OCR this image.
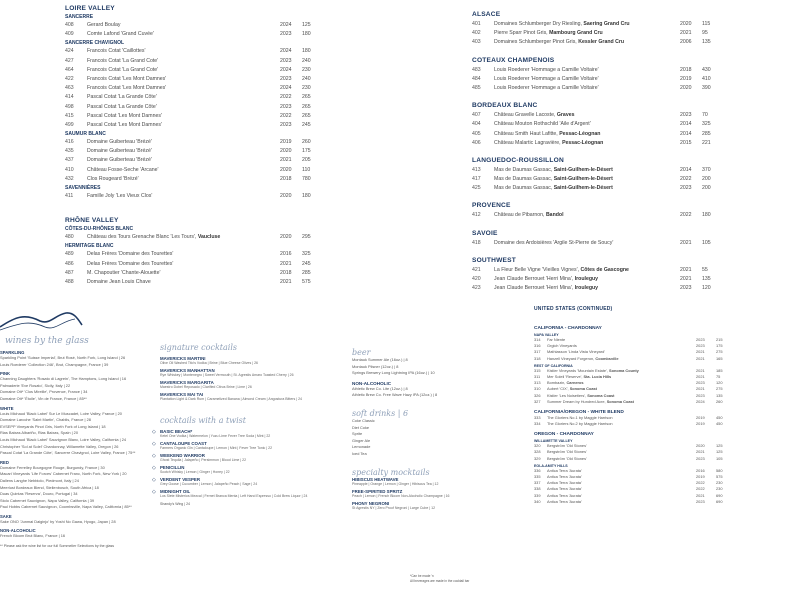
LOIRE VALLEY
SANCERRE
408	Gerard Boulay	2024	125
409	Comte Lafond 'Grand Cuvée'	2023	180
SANCERRE CHAVIGNOL
424	Francois Cotat 'Caillottes'	2024	180
427	Francois Cotat 'La Grand Cote'	2023	240
464	Francois Cotat 'La Grand Cote'	2024	230
422	Francois Cotat 'Les Mont Damnes'	2023	240
463	Francois Cotat 'Les Mont Damnes'	2024	230
414	Pascal Cotat 'La Grande Côte'	2022	265
498	Pascal Cotat 'La Grande Côte'	2023	265
415	Pascal Cotat 'Les Mont Damnes'	2022	265
499	Pascal Cotat 'Les Mont Damnes'	2023	245
SAUMUR BLANC
416	Domaine Guiberteau 'Brézé'	2019	260
435	Domaine Guiberteau 'Brézé'	2020	175
437	Domaine Guiberteau 'Brézé'	2021	205
410	Château Fosse-Seche 'Arcane'	2020	110
432	Clos Rougeard 'Brézé'	2018	780
SAVENNIÈRES
411	Famille Joly 'Les Vieux Clos'	2020	180
RHÔNE VALLEY
CÔTES-DU-RHÔNES BLANC
480	Château des Tours Grenache Blanc 'Les Tours', Vaucluse	2020	295
HERMITAGE BLANC
489	Delas Frères 'Domaine des Tourettes'	2016	325
486	Delas Frères 'Domaine des Tourettes'	2021	245
487	M. Chapoutier 'Chante-Alouette'	2018	285
488	Domaine Jean Louis Chave	2021	575
ALSACE
401	Domaines Schlumberger Dry Riesling, Saering Grand Cru	2020	115
402	Pierre Sparr Pinot Gris, Mambourg Grand Cru	2021	95
403	Domaines Schlumberger Pinot Gris, Kessler Grand Cru	2006	135
COTEAUX CHAMPENOIS
483	Louis Roederer 'Hommage a Camille Voltaire'	2018	430
484	Louis Roederer 'Hommage a Camille Voltaire'	2019	410
485	Louis Roederer 'Hommage a Camille Voltaire'	2020	390
BORDEAUX BLANC
407	Château Gravelle Lacoste, Graves	2023	70
404	Château Mouton Rothschild 'Aile d'Argent'	2014	325
405	Château Smith Haut Lafitte, Pessac-Léognan	2014	285
406	Château Malartic Lagravière, Pessac-Léognan	2015	221
LANGUEDOC-ROUSSILLON
413	Mas de Daumas Gassac, Saint-Guilhem-le-Désert	2014	370
417	Mas de Daumas Gassac, Saint-Guilhem-le-Désert	2022	200
425	Mas de Daumas Gassac, Saint-Guilhem-le-Désert	2023	200
PROVENCE
412	Château de Pibarnon, Bandol	2022	180
SAVOIE
418	Domaine des Ardoisières 'Argile St-Pierre de Soucy'	2021	105
SOUTHWEST
421	La Fleur Belle Vigne 'Vieilles Vignes', Côtes de Gascogne	2021	55
420	Jean Claude Berrouet 'Herri Mina', Irouleguy	2021	135
423	Jean Claude Berrouet 'Herri Mina', Irouleguy	2023	120
wines by the glass
SPARKLING
Sparkling Point 'Suisse Imperial', Brut Rosé, North Fork, Long Island | 26
Louis Roederer 'Collection 246', Brut, Champagne, France | 39
PINK
Channing Daughters 'Rosato di Lagrein', The Hamptons, Long Island | 16
Palmaderie 'Eve Rosato', Sicily, Italy | 22
Domaine Ott* 'Clos Mireille', Provence, France | 34
Domaine Ott* 'Étoile', Vin de France, France | 85**
WHITE
Louis Michaud 'Black Label' Sur Le Muscadet, Loire Valley, France | 20
Domaine Laroche 'Saint Martin', Chablis, France | 28
EVSEPP Vineyards Pinot Gris, North Fork of Long Island | 18
Rias Baixas Albariño, Rias Baixas, Spain | 20
Louis Michaud 'Black Label' Sauvignon Blanc, Loire Valley, California | 24
Christopher 'Sol at Solel' Chardonnay, Willamette Valley, Oregon | 26
Pascal Cotat 'La Grande Côte', Sancerre Chavignol, Loire Valley, France | 75**
RED
Domaine Ferrelley Bourgogne Rouge, Burgundy, France | 30
Macari Vineyards 'Life Forces' Cabernet Franc, North Fork, New York | 20
Dallens Langhe Nebbiolo, Piedmont, Italy | 24
Meerlust Bordeaux Blend, Stellenbosch, South Africa | 18
Duas Quintas 'Reserva', Douro, Portugal | 34
Stolo Cabernet Sauvignon, Napa Valley, California | 39
Paul Hobbs Cabernet Sauvignon, Coombsville, Napa Valley, California | 85**
SAKE
Sake ONO 'Junmai Daiginjo' by Yoshi No Gawa, Hyogo, Japan | 28
NON-ALCOHOLIC
French Bloom Brut Blanc, France | 16
** Please ask the wine list for our full Sommelier Selections by the glass
signature cocktails
MAVERICKS MARTINI
Olive Oil Washed Tito's Vodka | Brine | Blue Cheese Olives | 26
MAVERICKS MANHATTAN
Rye Whiskey | Montenegro | Sweet Vermouth | St. Agrestis Amaro Toasted Cherry | 26
MAVERICKS MARGARITA
Maestro Dobel Reposado | Clarified Citrus Brine | Lime | 26
MAVERICKS MAI TAI
Plantation Light & Dark Rum | Caramelized Banana | Almond Cream | Angostura Bitters | 24
cocktails with a twist
◇ BASIC BEACH*
Ketel One Vodka | Watermelon | Yuzu Lime Fever Tree Soda | Mint | 22
◇ CANTALOUPE COAST
Farmers Organic Gin | Cantaloupe | Lemon | Mint | Fever Tree Tonic | 22
◇ WEEKEND WARRIOR
Ghost Tequila | Jalapeño | Persimmon | Blood Lime | 22
◇ PENICILLIN
Scotch Whisky | Lemon | Ginger | Honey | 22
◇ VERDENT VESPER
Grey Goose | Cucumber | Lemon | Jalapeño Peach | Sage | 24
◇ MIDNIGHT OIL
Los Siete Misterios Mezcal | Fernet Branca Menta | Left Hand Espresso | Cold Brew Liquor | 24
Shandy's Wing | 24
beer
Montauk Summer Ale (16oz.) | 8
Montauk Pilsner (12oz.) | 8
Springs Brewery Long Lightning IPA (16oz.) | 10
NON-ALCOHOLIC
Athletic Brew Co. Lite (12oz.) | 8
Athletic Brew Co. Free Wave Hazy IPA (12oz.) | 8
soft drinks | 6
Coke Classic
Diet Coke
Sprite
Ginger Ale
Lemonade
Iced Tea
specialty mocktails
HIBISCUS HEATWAVE
Pineapple | Orange | Lemon | Ginger | Hibiscus Tea | 12
FREE-SPIRITED SPRITZ
Peach | Lemon | French Bloom Non-Alcoholic Champagne | 16
PHONY NEGRONI
St Agrestis NY | Zero Proof Negroni | Large Cube | 12
*Can be made 'n
All beverages are made in the cocktail bar
UNITED STATES (CONTINUED)
CALIFORNIA - CHARDONNAY
NAPA VALLEY
314	Far Niente	2023	215
316	Grgich Vineyards	2023	175
317	Mathiasson 'Linda Vista Vineyard'	2021	275
318	Hanzell Vineyard Forgeron, Coombsville	2021	165
REST OF CALIFORNIA
315	Kistler Vineyards 'Mountain Estate', Sonoma County	2021	185
311	Mer Soleil 'Reserve', Sta. Lucia Hills	2021	75
313	Bombazin, Carneros	2023	120
310	Aubert 'CIX', Sonoma Coast	2021	275
326	Kistler 'Les Noisetiers', Sonoma Coast	2023	135
327	Summer Dream by Hundred Acre, Sonoma Coast	2024	260
CALIFORNIA/OREGON - WHITE BLEND
333	The Gloriers No.1 by Maggie Harrison	2019	450
334	The Gloriers No.2 by Maggie Harrison	2019	450
OREGON - CHARDONNAY
WILLAMETTE VALLEY
320	Bergström 'Old Stones'	2020	125
328	Bergström 'Old Stones'	2021	125
329	Bergström 'Old Stones'	2023	105
EOLA-AMITY HILLS
336	Antica Terra 'Aurata'	2016	580
335	Antica Terra 'Aurata'	2019	575
337	Antica Terra 'Aurata'	2022	230
338	Antica Terra 'Aurata'	2022	230
339	Antica Terra 'Aurata'	2021	690
340	Antica Terra 'Aurata'	2023	690
